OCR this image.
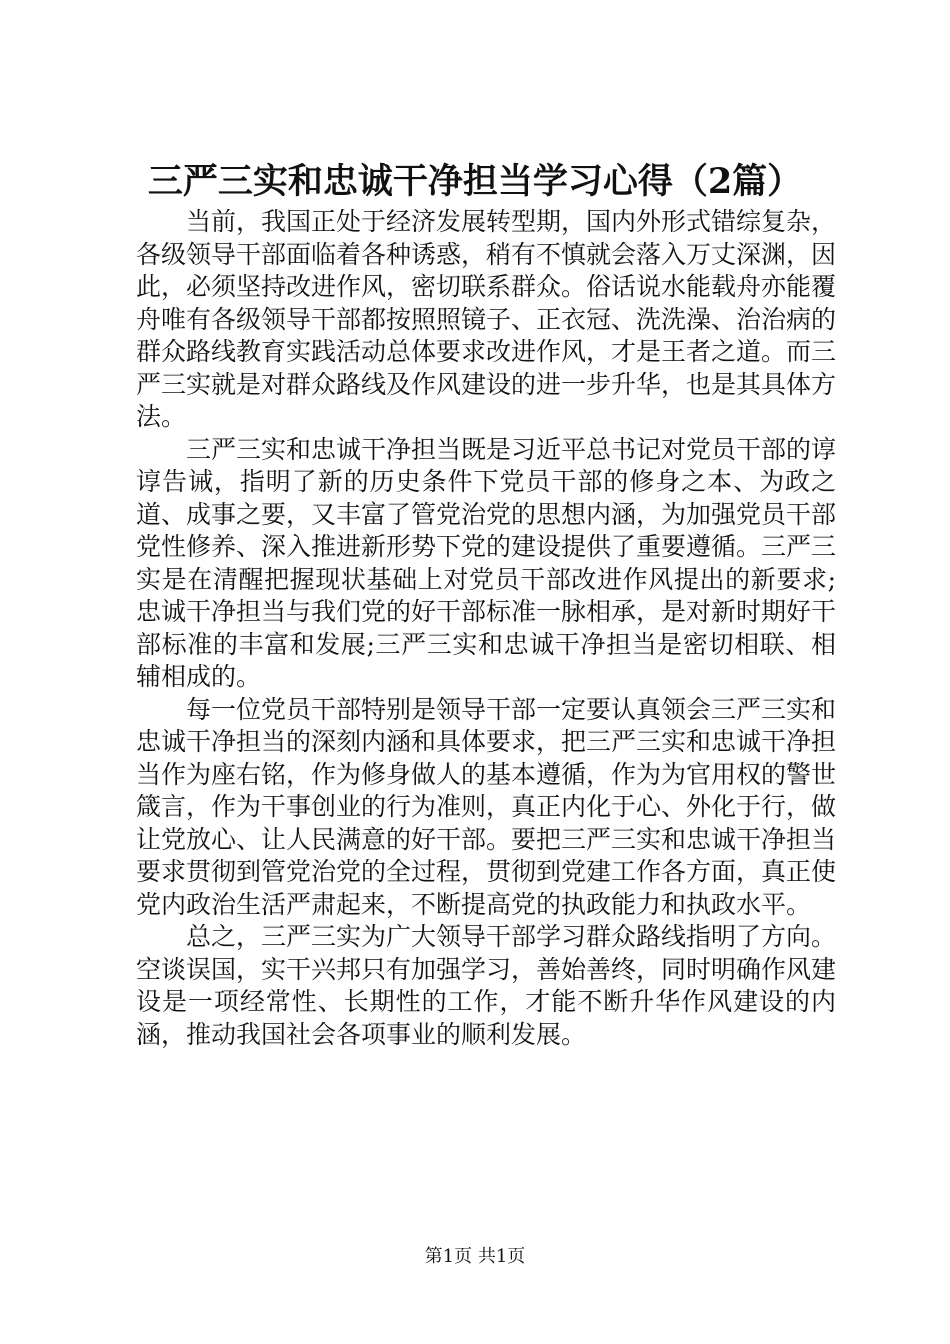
三严三实和忠诚干净担当学习心得（2篇）

当前，我国正处于经济发展转型期，国内外形式错综复杂，各级领导干部面临着各种诱惑，稍有不慎就会落入万丈深渊，因此，必须坚持改进作风，密切联系群众。俗话说水能载舟亦能覆舟唯有各级领导干部都按照照镜子、正衣冠、洗洗澡、治治病的群众路线教育实践活动总体要求改进作风，才是王者之道。而三严三实就是对群众路线及作风建设的进一步升华，也是其具体方法。

三严三实和忠诚干净担当既是习近平总书记对党员干部的谆谆告诫，指明了新的历史条件下党员干部的修身之本、为政之道、成事之要，又丰富了管党治党的思想内涵，为加强党员干部党性修养、深入推进新形势下党的建设提供了重要遵循。三严三实是在清醒把握现状基础上对党员干部改进作风提出的新要求;忠诚干净担当与我们党的好干部标准一脉相承，是对新时期好干部标准的丰富和发展;三严三实和忠诚干净担当是密切相联、相辅相成的。

每一位党员干部特别是领导干部一定要认真领会三严三实和忠诚干净担当的深刻内涵和具体要求，把三严三实和忠诚干净担当作为座右铭，作为修身做人的基本遵循，作为为官用权的警世箴言，作为干事创业的行为准则，真正内化于心、外化于行，做让党放心、让人民满意的好干部。要把三严三实和忠诚干净担当要求贯彻到管党治党的全过程，贯彻到党建工作各方面，真正使党内政治生活严肃起来，不断提高党的执政能力和执政水平。

总之，三严三实为广大领导干部学习群众路线指明了方向。空谈误国，实干兴邦只有加强学习，善始善终，同时明确作风建设是一项经常性、长期性的工作，才能不断升华作风建设的内涵，推动我国社会各项事业的顺利发展。

第1页 共1页
